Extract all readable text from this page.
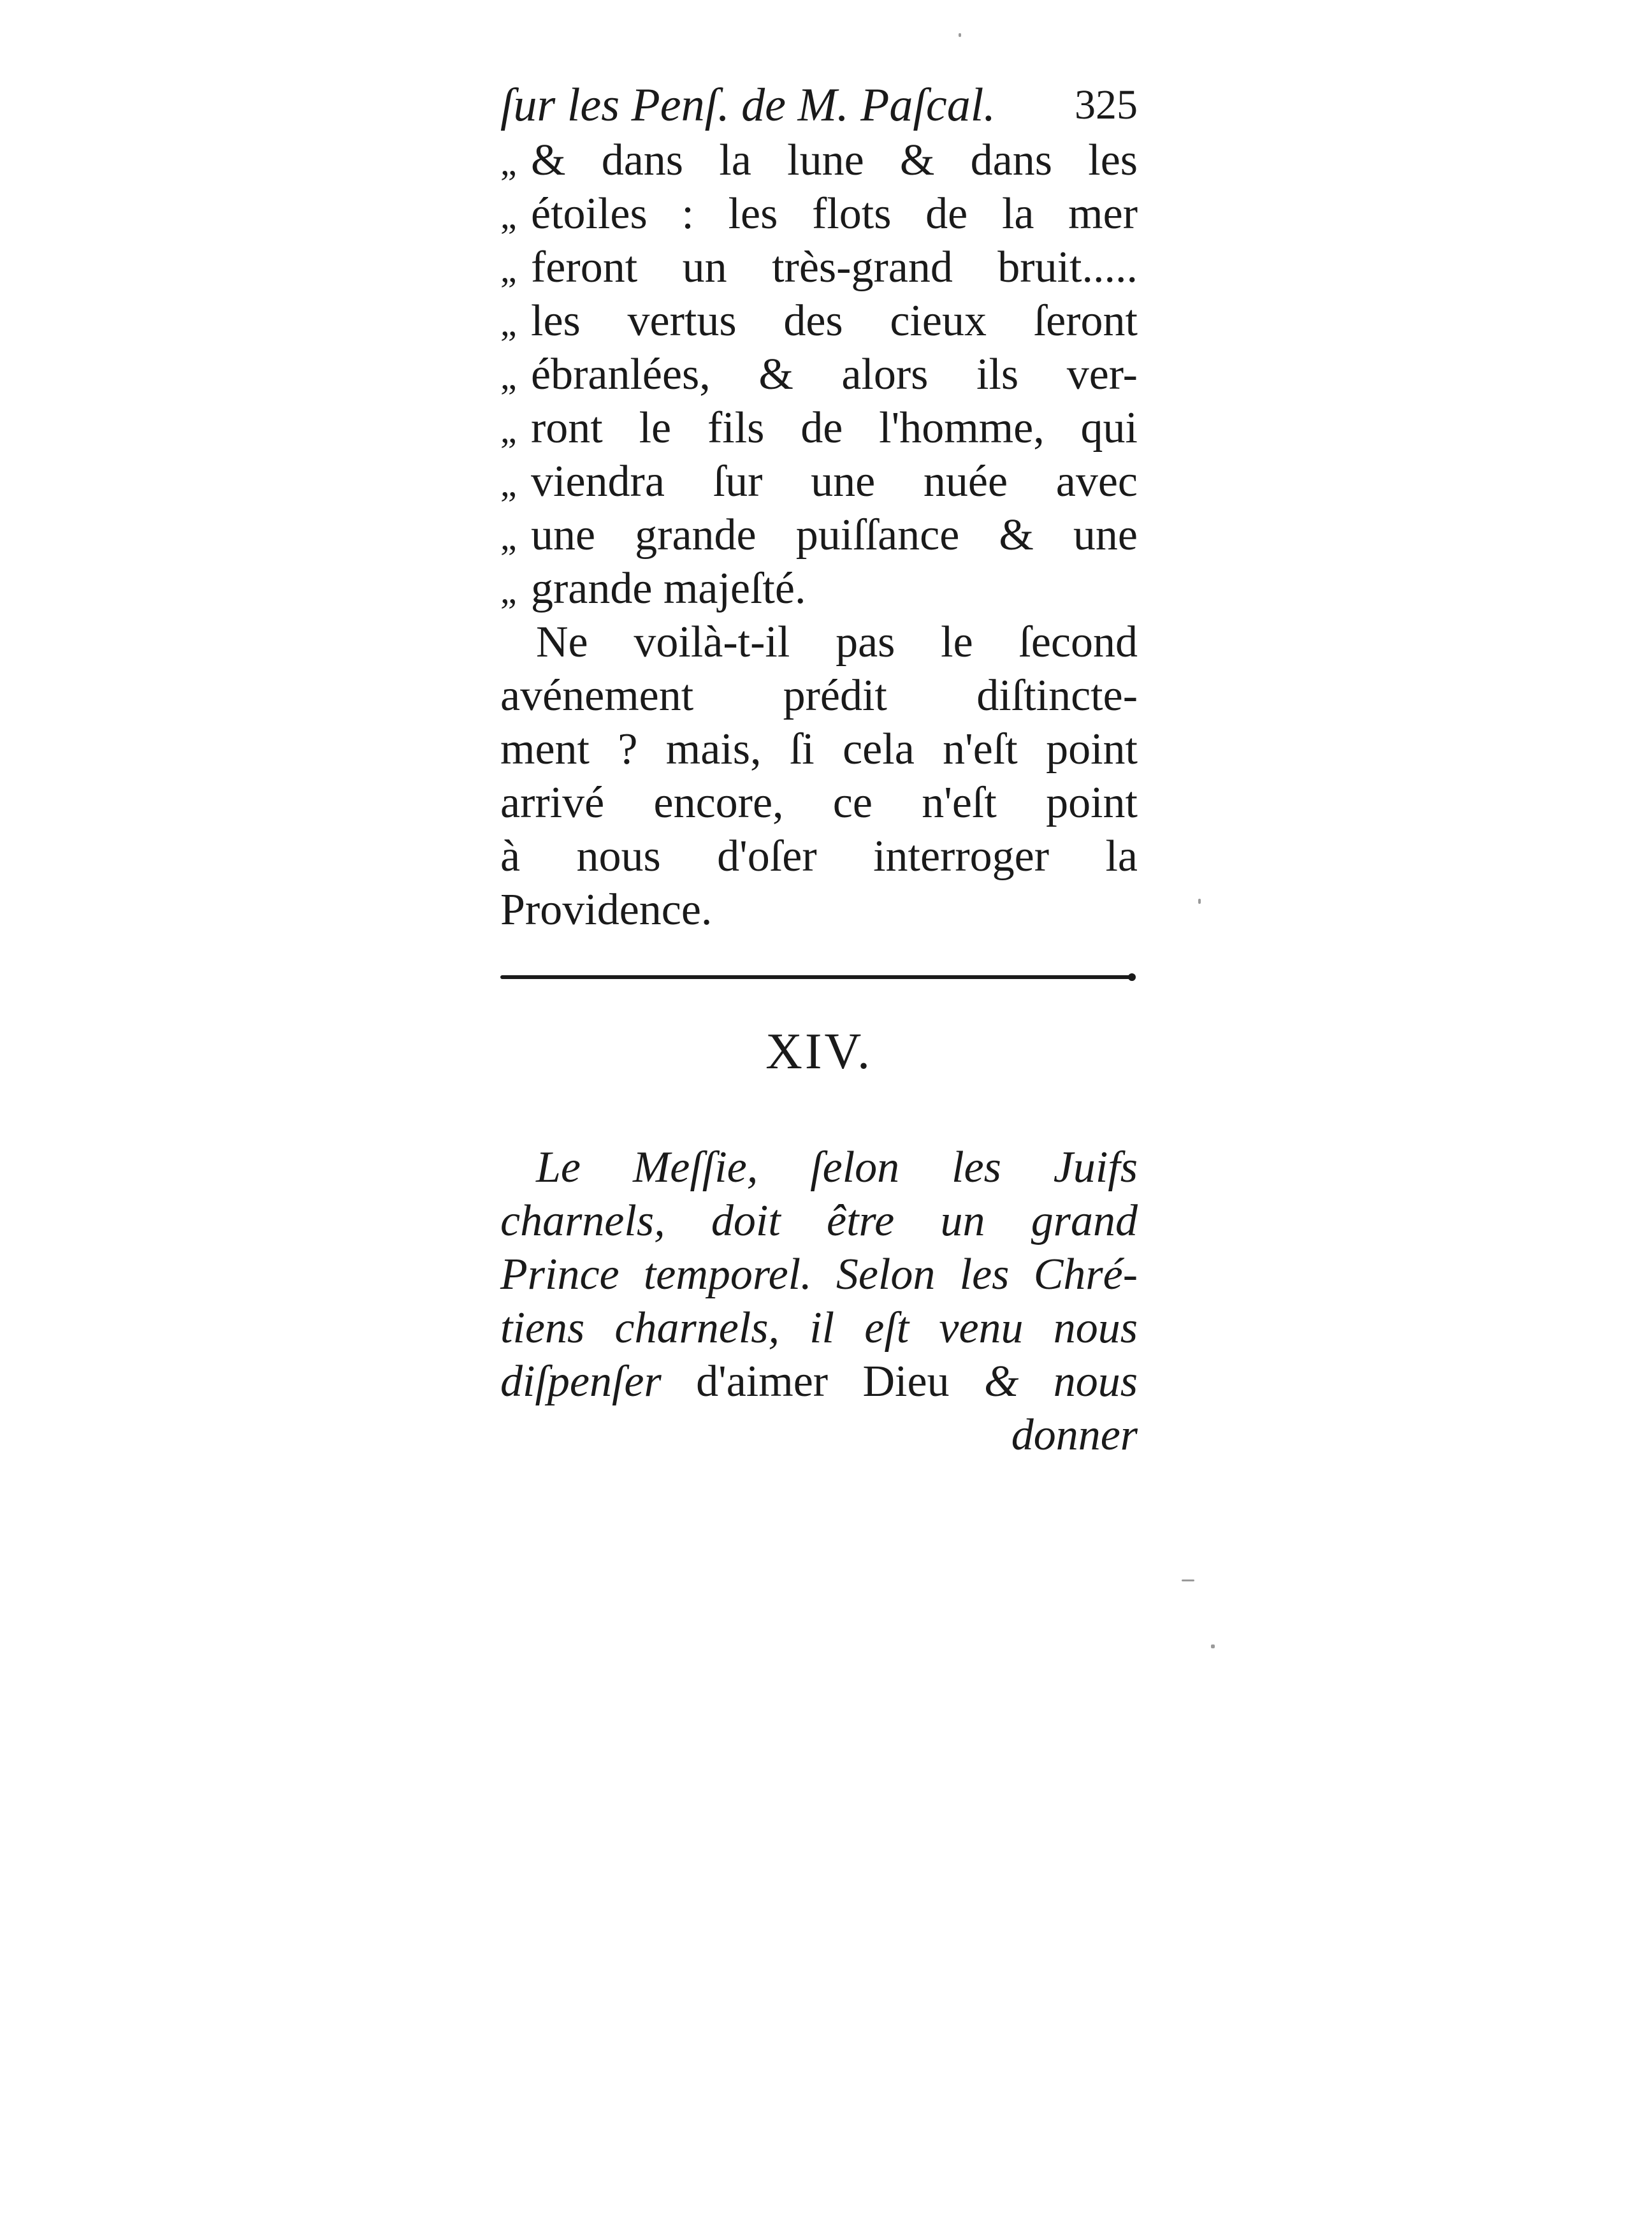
ſur les Penſ. de M. Paſcal. 325
„ & dans la lune & dans les
„ étoiles : les flots de la mer
„ feront un très-grand bruit.....
„ les vertus des cieux ſeront
„ ébranlées, & alors ils ver-
„ ront le fils de l'homme, qui
„ viendra ſur une nuée avec
„ une grande puiſſance & une
„ grande majeſté.
Ne voilà-t-il pas le ſecond
avénement prédit diſtincte-
ment ? mais, ſi cela n'eſt point
arrivé encore, ce n'eſt point
à nous d'oſer interroger la
Providence.
XIV.
Le Meſſie, ſelon les Juifs
charnels, doit être un grand
Prince temporel. Selon les Chré-
tiens charnels, il eſt venu nous
diſpenſer d'aimer Dieu & nous
donner
